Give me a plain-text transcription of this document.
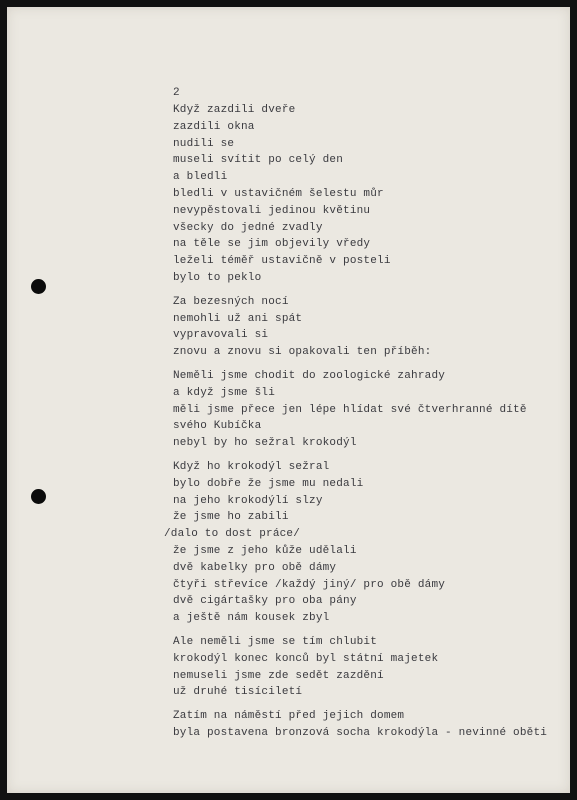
2
Když zazdili dveře
zazdili okna
nudili se
museli svítit po celý den
a bledli
bledli v ustavičném šelestu můr
nevypěstovali jedinou květinu
všecky do jedné zvadly
na těle se jim objevily vředy
leželi téměř ustavičně v posteli
bylo to peklo
Za bezesných nocí
nemohli už ani spát
vypravovali si
znovu a znovu si opakovali ten příběh:
Neměli jsme chodit do zoologické zahrady
a když jsme šli
měli jsme přece jen lépe hlídat své čtverhranné dítě
svého Kubíčka
nebyl by ho sežral krokodýl
Když ho krokodýl sežral
bylo dobře že jsme mu nedali
na jeho krokodýlí slzy
že jsme ho zabili
/dalo to dost práce/
že jsme z jeho kůže udělali
dvě kabelky pro obě dámy
čtyři střevíce /každý jiný/ pro obě dámy
dvě cigártašky pro oba pány
a ještě nám kousek zbyl
Ale neměli jsme se tím chlubit
krokodýl konec konců byl státní majetek
nemuseli jsme zde sedět zazdění
už druhé tisíciletí
Zatím na náměstí před jejich domem
byla postavena bronzová socha krokodýla - nevinné oběti
